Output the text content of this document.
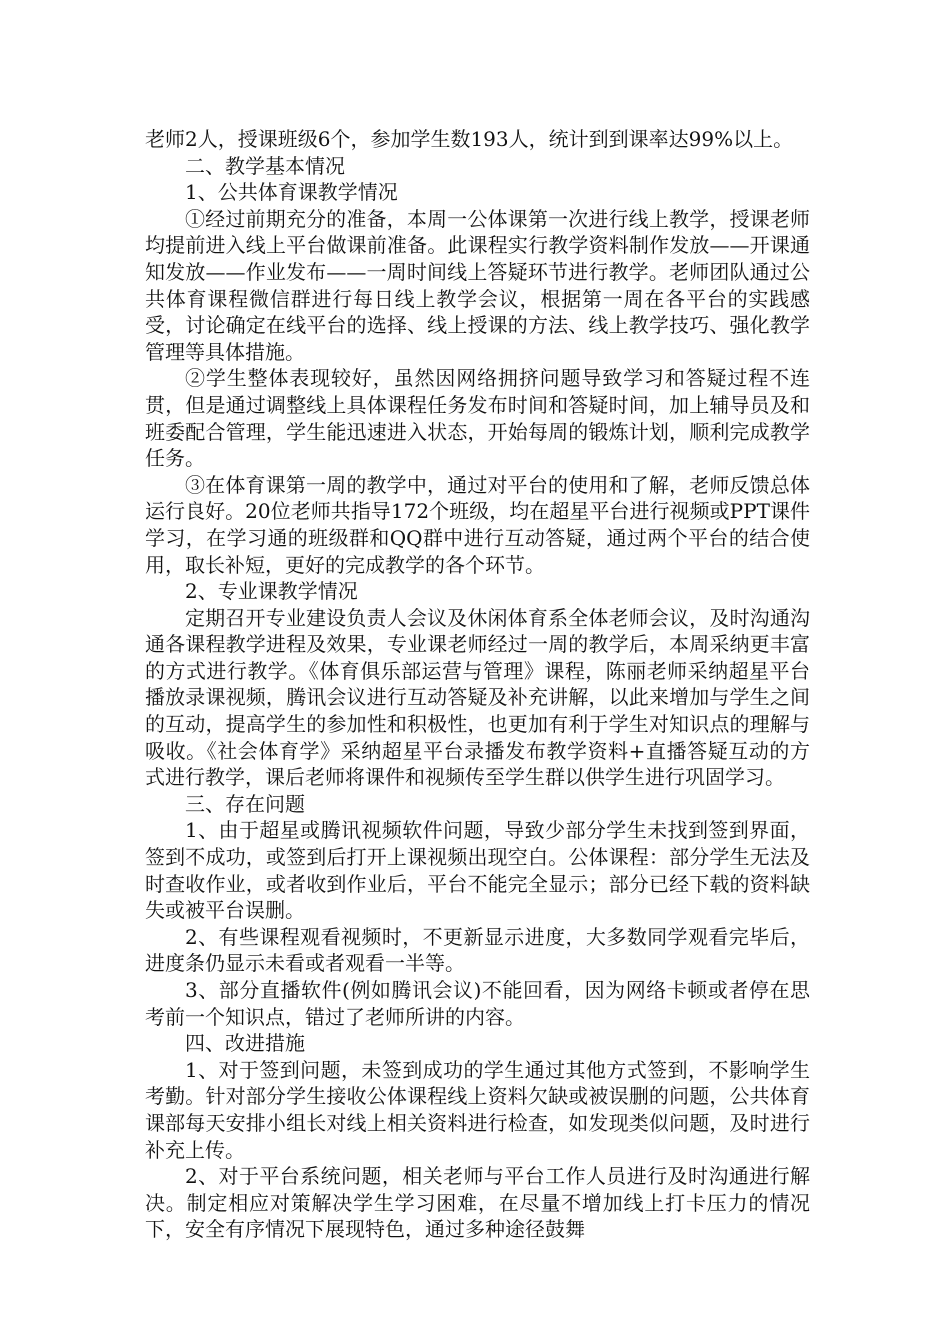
老师2人，授课班级6个，参加学生数193人，统计到到课率达99%以上。

二、教学基本情况

1、公共体育课教学情况

①经过前期充分的准备，本周一公体课第一次进行线上教学，授课老师均提前进入线上平台做课前准备。此课程实行教学资料制作发放——开课通知发放——作业发布——一周时间线上答疑环节进行教学。老师团队通过公共体育课程微信群进行每日线上教学会议，根据第一周在各平台的实践感受，讨论确定在线平台的选择、线上授课的方法、线上教学技巧、强化教学管理等具体措施。

②学生整体表现较好，虽然因网络拥挤问题导致学习和答疑过程不连贯，但是通过调整线上具体课程任务发布时间和答疑时间，加上辅导员及和班委配合管理，学生能迅速进入状态，开始每周的锻炼计划，顺利完成教学任务。

③在体育课第一周的教学中，通过对平台的使用和了解，老师反馈总体运行良好。20位老师共指导172个班级，均在超星平台进行视频或PPT课件学习，在学习通的班级群和QQ群中进行互动答疑，通过两个平台的结合使用，取长补短，更好的完成教学的各个环节。

2、专业课教学情况

定期召开专业建设负责人会议及休闲体育系全体老师会议，及时沟通沟通各课程教学进程及效果，专业课老师经过一周的教学后，本周采纳更丰富的方式进行教学。《体育俱乐部运营与管理》课程，陈丽老师采纳超星平台播放录课视频，腾讯会议进行互动答疑及补充讲解，以此来增加与学生之间的互动，提高学生的参加性和积极性，也更加有利于学生对知识点的理解与吸收。《社会体育学》采纳超星平台录播发布教学资料+直播答疑互动的方式进行教学，课后老师将课件和视频传至学生群以供学生进行巩固学习。

三、存在问题

1、由于超星或腾讯视频软件问题，导致少部分学生未找到签到界面，签到不成功，或签到后打开上课视频出现空白。公体课程：部分学生无法及时查收作业，或者收到作业后，平台不能完全显示；部分已经下载的资料缺失或被平台误删。

2、有些课程观看视频时，不更新显示进度，大多数同学观看完毕后，进度条仍显示未看或者观看一半等。

3、部分直播软件(例如腾讯会议)不能回看，因为网络卡顿或者停在思考前一个知识点，错过了老师所讲的内容。

四、改进措施

1、对于签到问题，未签到成功的学生通过其他方式签到，不影响学生考勤。针对部分学生接收公体课程线上资料欠缺或被误删的问题，公共体育课部每天安排小组长对线上相关资料进行检查，如发现类似问题，及时进行补充上传。

2、对于平台系统问题，相关老师与平台工作人员进行及时沟通进行解决。制定相应对策解决学生学习困难，在尽量不增加线上打卡压力的情况下，安全有序情况下展现特色，通过多种途径鼓舞
